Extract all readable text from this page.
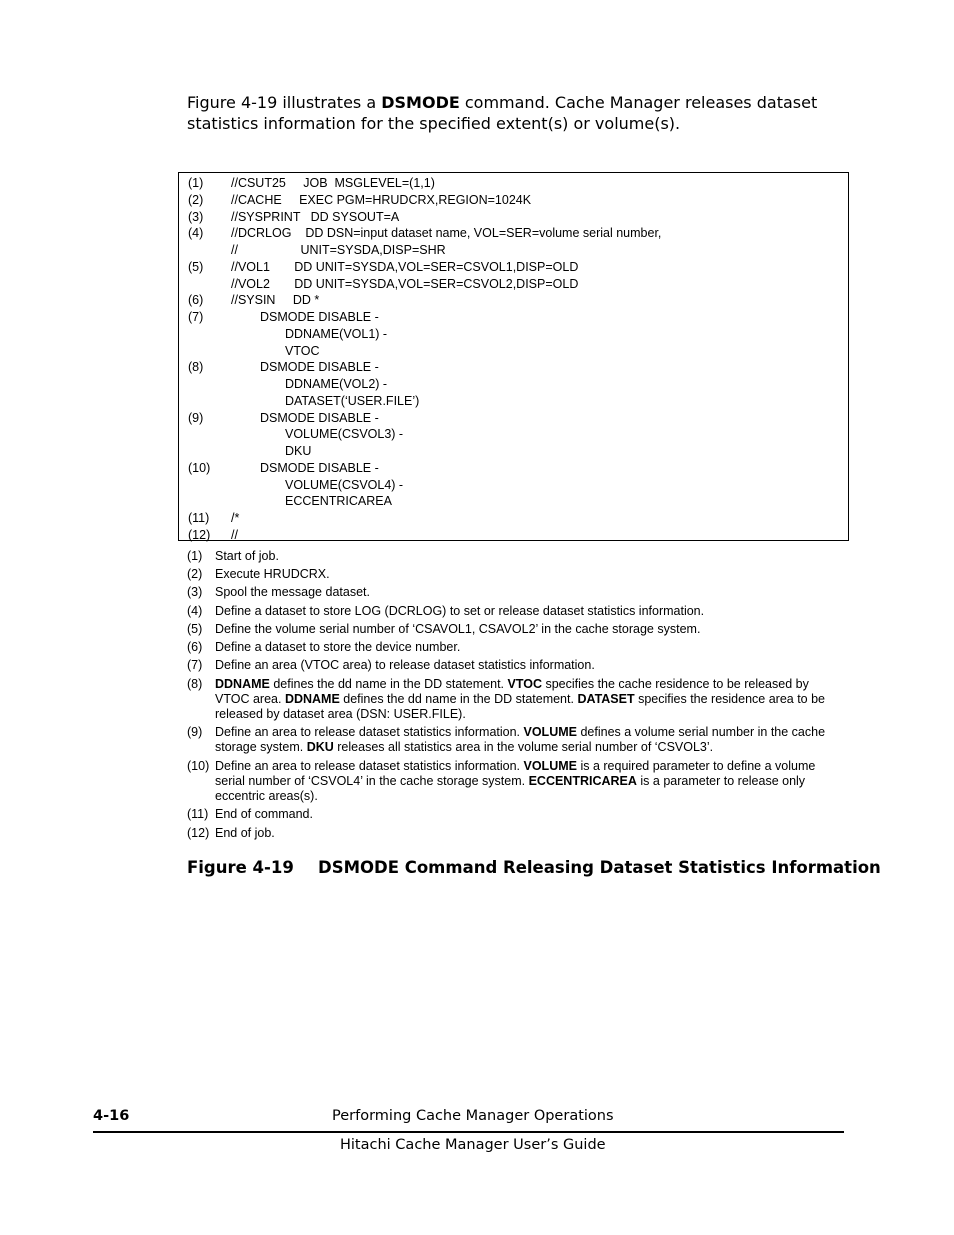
Figure 4-19 illustrates a DSMODE command. Cache Manager releases dataset statistics information for the specified extent(s) or volume(s).

(1) //CSUT25     JOB  MSGLEVEL=(1,1)
(2) //CACHE     EXEC PGM=HRUDCRX,REGION=1024K
(3) //SYSPRINT   DD SYSOUT=A
(4) //DCRLOG    DD DSN=input dataset name, VOL=SER=volume serial number,
//                  UNIT=SYSDA,DISP=SHR
(5) //VOL1       DD UNIT=SYSDA,VOL=SER=CSVOL1,DISP=OLD
//VOL2       DD UNIT=SYSDA,VOL=SER=CSVOL2,DISP=OLD
(6) //SYSIN     DD *
(7)	DSMODE DISABLE -
DDNAME(VOL1) -
VTOC
(8)	DSMODE DISABLE -
DDNAME(VOL2) -
DATASET(‘USER.FILE’)
(9)	DSMODE DISABLE -
VOLUME(CSVOL3) -
DKU
(10)	DSMODE DISABLE -
VOLUME(CSVOL4) -
ECCENTRICAREA
(11) /*
(12) //
(1) Start of job.
(2) Execute HRUDCRX.
(3) Spool the message dataset.
(4) Define a dataset to store LOG (DCRLOG) to set or release dataset statistics information.
(5) Define the volume serial number of ‘CSAVOL1, CSAVOL2’ in the cache storage system.
(6) Define a dataset to store the device number.
(7) Define an area (VTOC area) to release dataset statistics information.
(8) DDNAME defines the dd name in the DD statement. VTOC specifies the cache residence to be released by VTOC area. DDNAME defines the dd name in the DD statement. DATASET specifies the residence area to be released by dataset area (DSN: USER.FILE).
(9) Define an area to release dataset statistics information. VOLUME defines a volume serial number in the cache storage system. DKU releases all statistics area in the volume serial number of ‘CSVOL3’.
(10) Define an area to release dataset statistics information. VOLUME is a required parameter to define a volume serial number of ‘CSVOL4’ in the cache storage system. ECCENTRICAREA is a parameter to release only eccentric areas(s).
(11) End of command.
(12) End of job.
Figure 4-19 DSMODE Command Releasing Dataset Statistics Information
4-16	Performing Cache Manager Operations
Hitachi Cache Manager User’s Guide
